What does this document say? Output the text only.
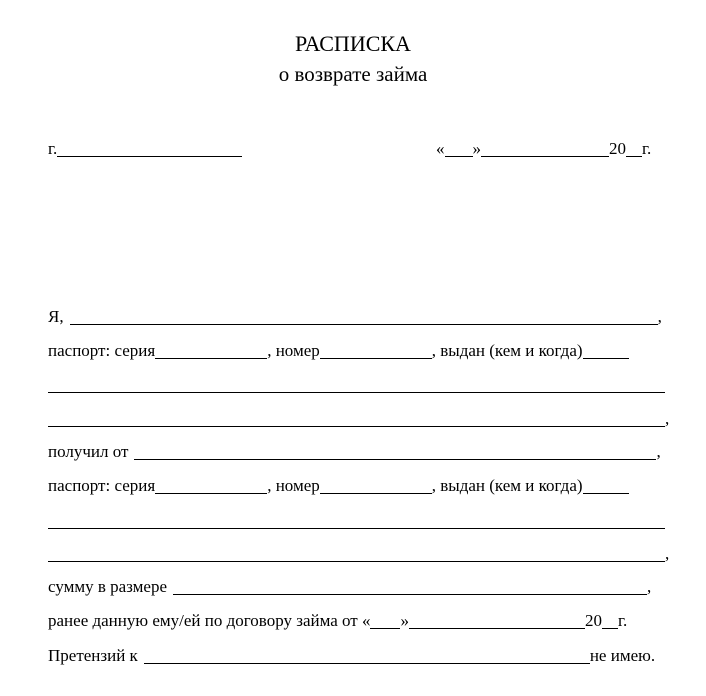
РАСПИСКА
о возврате займа
г.	« »	20 г.
Я,	,
паспорт: серия	, номер	, выдан (кем и когда)
,
получил от	,
паспорт: серия	, номер	, выдан (кем и когда)
,
сумму в размере	,
ранее данную ему/ей по договору займа от « »	20 г.
Претензий к	не имею.
